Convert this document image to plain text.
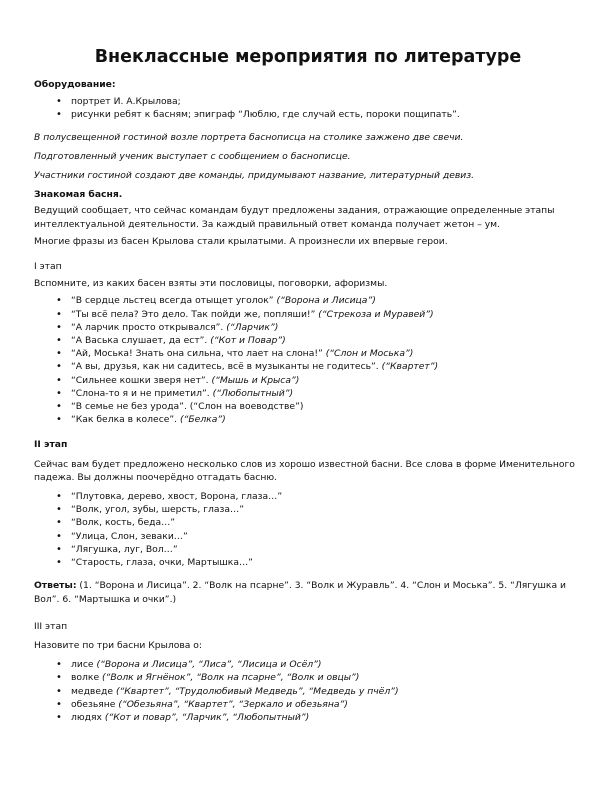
Внеклассные мероприятия по литературе

Оборудование:

• портрет И. А.Крылова;
• рисунки ребят к басням; эпиграф “Люблю, где случай есть, пороки пощипать”.

В полусвещенной гостиной возле портрета баснописца на столике зажжено две свечи.

Подготовленный ученик выступает с сообщением о баснописце.

Участники гостиной создают две команды, придумывают название, литературный девиз.

Знакомая басня.

Ведущий сообщает, что сейчас командам будут предложены задания, отражающие определенные этапы интеллектуальной деятельности. За каждый правильный ответ команда получает жетон – ум.

Многие фразы из басен Крылова стали крылатыми. А произнесли их впервые герои.

I этап

Вспомните, из каких басен взяты эти пословицы, поговорки, афоризмы.

• “В сердце льстец всегда отыщет уголок” (“Ворона и Лисица”)
• “Ты всё пела? Это дело. Так пойди же, попляши!” (“Стрекоза и Муравей”)
• “А ларчик просто открывался”. (“Ларчик”)
• “А Васька слушает, да ест”. (“Кот и Повар”)
• “Ай, Моська! Знать она сильна, что лает на слона!” (“Слон и Моська”)
• “А вы, друзья, как ни садитесь, всё в музыканты не годитесь”. (“Квартет”)
• “Сильнее кошки зверя нет”. (“Мышь и Крыса”)
• “Слона-то я и не приметил”. (“Любопытный”)
• “В семье не без урода”. (“Слон на воеводстве”)
• “Как белка в колесе”. (“Белка”)

II этап

Сейчас вам будет предложено несколько слов из хорошо известной басни. Все слова в форме Именительного падежа. Вы должны поочерёдно отгадать басню.

• “Плутовка, дерево, хвост, Ворона, глаза…”
• “Волк, угол, зубы, шерсть, глаза…”
• “Волк, кость, беда…”
• “Улица, Слон, зеваки…”
• “Лягушка, луг, Вол…”
• “Старость, глаза, очки, Мартышка…”

Ответы: (1. “Ворона и Лисица”. 2. “Волк на псарне”. 3. “Волк и Журавль”. 4. “Слон и Моська”. 5. “Лягушка и Вол”. 6. “Мартышка и очки”.)

III этап

Назовите по три басни Крылова о:

• лисе (“Ворона и Лисица”, “Лиса”, “Лисица и Осёл”)
• волке (“Волк и Ягнёнок”, “Волк на псарне”, “Волк и овцы”)
• медведе (“Квартет”, “Трудолюбивый Медведь”, “Медведь у пчёл”)
• обезьяне (“Обезьяна”, “Квартет”, “Зеркало и обезьяна”)
• людях (“Кот и повар”, “Ларчик”, “Любопытный”)
